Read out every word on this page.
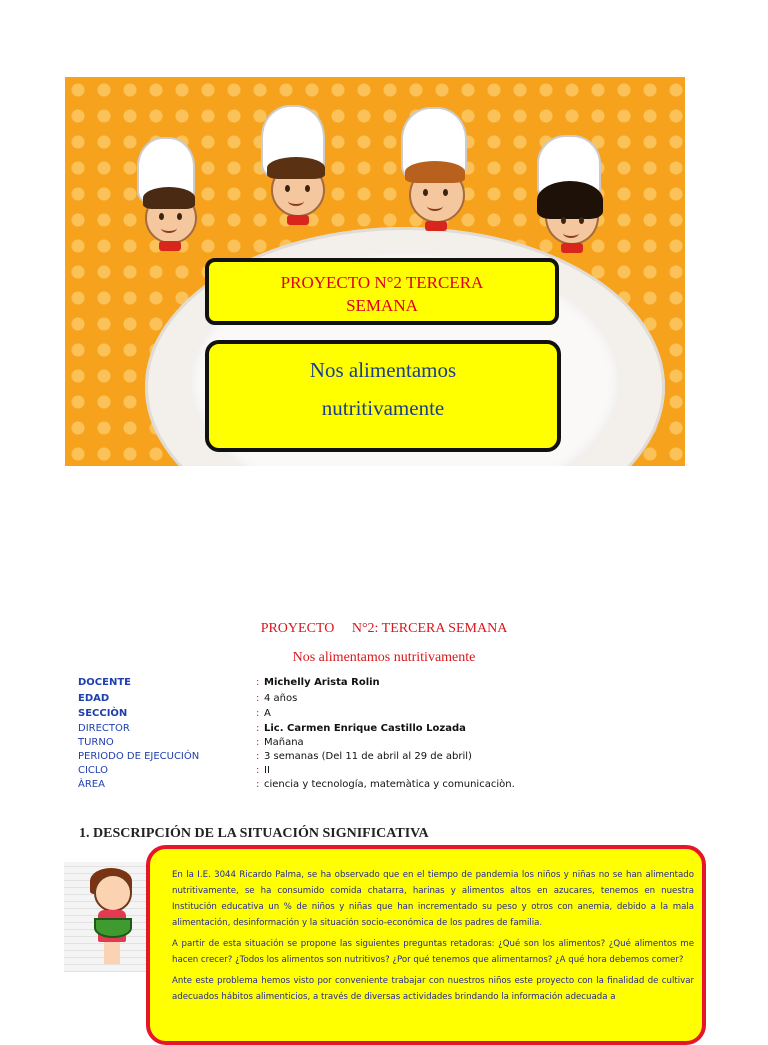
PROYECTO N°2 TERCERA
SEMANA
Nos alimentamos
nutritivamente
PROYECTO     N°2: TERCERA SEMANA
Nos alimentamos nutritivamente
DOCENTE	: Michelly Arista Rolin
EDAD	: 4 años
SECCIÒN	: A
DIRECTOR	: Lic. Carmen Enrique Castillo Lozada
TURNO	: Mañana
PERIODO DE EJECUCIÓN	: 3 semanas (Del 11 de abril al 29 de abril)
CICLO	: II
ÀREA	: ciencia y tecnología, matemàtica y comunicaciòn.
1. DESCRIPCIÓN DE LA SITUACIÓN SIGNIFICATIVA

En la I.E. 3044 Ricardo Palma, se ha observado que en el tiempo de pandemia los niños y niñas no se han alimentado nutritivamente, se ha consumido comida chatarra, harinas y alimentos altos en azucares, tenemos en nuestra Institución educativa un % de niños y niñas que han incrementado su peso y otros con anemia, debido a la mala alimentación, desinformación y la situación socio-económica de los padres de familia.

A partir de esta situación se propone las siguientes preguntas retadoras: ¿Qué son los alimentos? ¿Qué alimentos me hacen crecer? ¿Todos los alimentos son nutritivos? ¿Por qué tenemos que alimentarnos? ¿A qué hora debemos comer?

Ante este problema hemos visto por conveniente trabajar con nuestros niños este proyecto con la finalidad de cultivar adecuados hábitos alimenticios, a través de diversas actividades brindando la información adecuada a
